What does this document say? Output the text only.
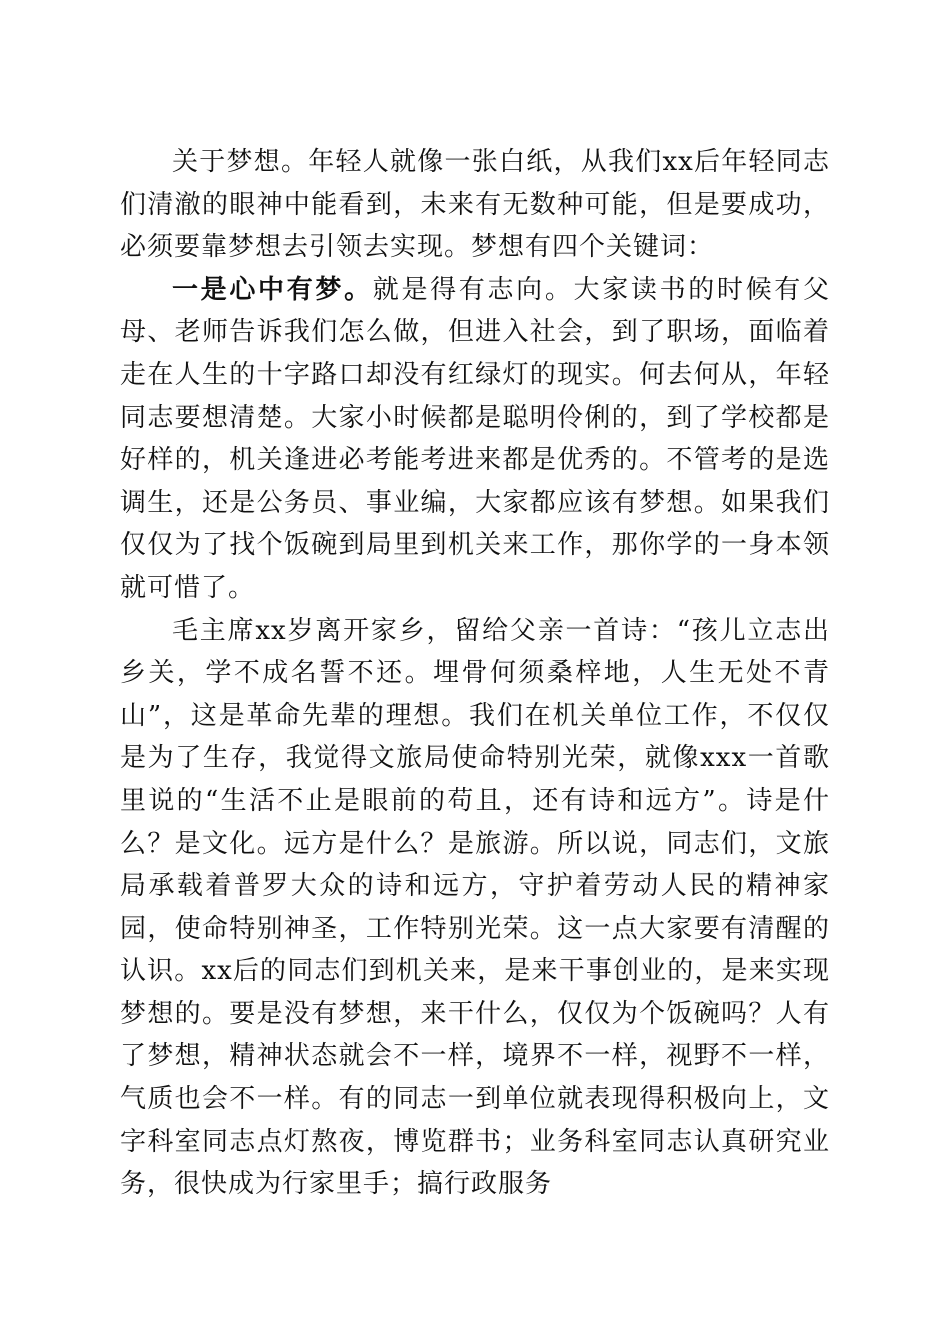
关于梦想。年轻人就像一张白纸，从我们xx后年轻同志们清澈的眼神中能看到，未来有无数种可能，但是要成功，必须要靠梦想去引领去实现。梦想有四个关键词：

一是心中有梦。就是得有志向。大家读书的时候有父母、老师告诉我们怎么做，但进入社会，到了职场，面临着走在人生的十字路口却没有红绿灯的现实。何去何从，年轻同志要想清楚。大家小时候都是聪明伶俐的，到了学校都是好样的，机关逢进必考能考进来都是优秀的。不管考的是选调生，还是公务员、事业编，大家都应该有梦想。如果我们仅仅为了找个饭碗到局里到机关来工作，那你学的一身本领就可惜了。

毛主席xx岁离开家乡，留给父亲一首诗：“孩儿立志出乡关，学不成名誓不还。埋骨何须桑梓地，人生无处不青山”，这是革命先辈的理想。我们在机关单位工作，不仅仅是为了生存，我觉得文旅局使命特别光荣，就像xxx一首歌里说的“生活不止是眼前的苟且，还有诗和远方”。诗是什么？是文化。远方是什么？是旅游。所以说，同志们，文旅局承载着普罗大众的诗和远方，守护着劳动人民的精神家园，使命特别神圣，工作特别光荣。这一点大家要有清醒的认识。xx后的同志们到机关来，是来干事创业的，是来实现梦想的。要是没有梦想，来干什么，仅仅为个饭碗吗？人有了梦想，精神状态就会不一样，境界不一样，视野不一样，气质也会不一样。有的同志一到单位就表现得积极向上，文字科室同志点灯熬夜，博览群书；业务科室同志认真研究业务，很快成为行家里手；搞行政服务
